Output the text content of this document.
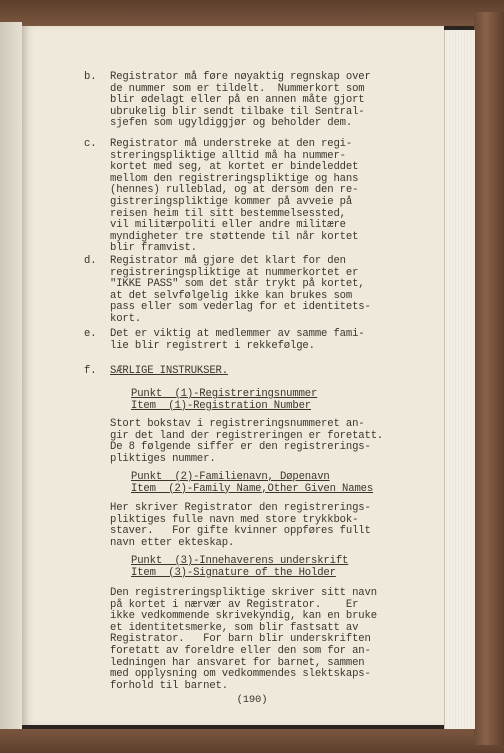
b. Registrator må føre nøyaktig regnskap over
de nummer som er tildelt.  Nummerkort som
blir ødelagt eller på en annen måte gjort
ubrukelig blir sendt tilbake til Sentral-
sjefen som ugyldiggjør og beholder dem.
c. Registrator må understreke at den regi-
streringspliktige alltid må ha nummer-
kortet med seg, at kortet er bindeleddet
mellom den registreringspliktige og hans
(hennes) rulleblad, og at dersom den re-
gistreringspliktige kommer på avveie på
reisen heim til sitt bestemmelsessted,
vil militærpoliti eller andre militære
myndigheter tre støttende til når kortet
blir framvist.
d. Registrator må gjøre det klart for den
registreringspliktige at nummerkortet er
"IKKE PASS" som det står trykt på kortet,
at det selvfølgelig ikke kan brukes som
pass eller som vederlag for et identitets-
kort.
e. Det er viktig at medlemmer av samme fami-
lie blir registrert i rekkefølge.
f. SÆRLIGE INSTRUKSER.
Punkt  (1)-Registreringsnummer
Item  (1)-Registration Number
Stort bokstav i registreringsnummeret an-
gir det land der registreringen er foretatt.
De 8 følgende siffer er den registrerings-
pliktiges nummer.
Punkt  (2)-Familienavn, Døpenavn
Item  (2)-Family Name,Other Given Names
Her skriver Registrator den registrerings-
pliktiges fulle navn med store trykkbok-
staver.   For gifte kvinner oppføres fullt
navn etter ekteskap.
Punkt  (3)-Innehaverens underskrift
Item  (3)-Signature of the Holder
Den registreringspliktige skriver sitt navn
på kortet i nærvær av Registrator.    Er
ikke vedkommende skrivekyndig, kan en bruke
et identitetsmerke, som blir fastsatt av
Registrator.   For barn blir underskriften
foretatt av foreldre eller den som for an-
ledningen har ansvaret for barnet, sammen
med opplysning om vedkommendes slektskaps-
forhold til barnet.
(190)
